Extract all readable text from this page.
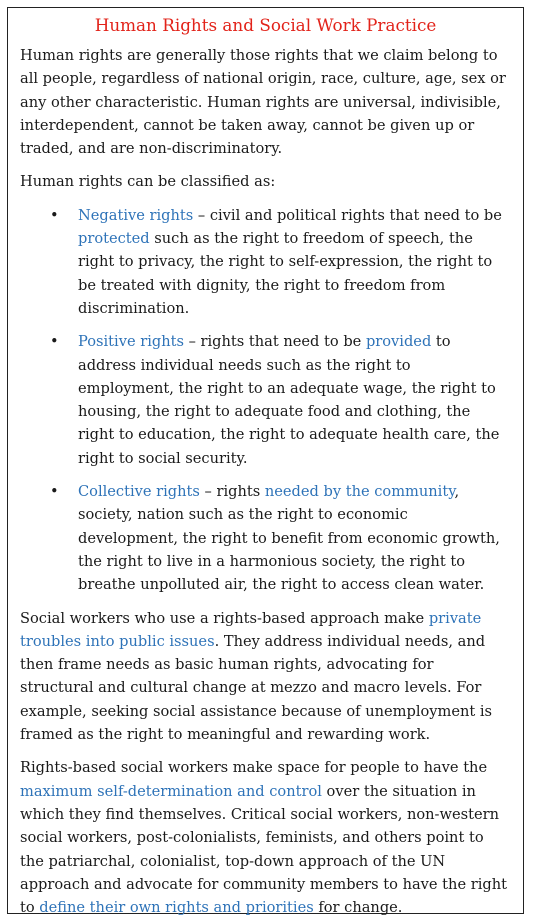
Human Rights and Social Work Practice

Human rights are generally those rights that we claim belong to all people, regardless of national origin, race, culture, age, sex or any other characteristic. Human rights are universal, indivisible, interdependent, cannot be taken away, cannot be given up or traded, and are non-discriminatory.

Human rights can be classified as:

• Negative rights – civil and political rights that need to be protected such as the right to freedom of speech, the right to privacy, the right to self-expression, the right to be treated with dignity, the right to freedom from discrimination.
• Positive rights – rights that need to be provided to address individual needs such as the right to employment, the right to an adequate wage, the right to housing, the right to adequate food and clothing, the right to education, the right to adequate health care, the right to social security.
• Collective rights – rights needed by the community, society, nation such as the right to economic development, the right to benefit from economic growth, the right to live in a harmonious society, the right to breathe unpolluted air, the right to access clean water.

Social workers who use a rights-based approach make private troubles into public issues. They address individual needs, and then frame needs as basic human rights, advocating for structural and cultural change at mezzo and macro levels. For example, seeking social assistance because of unemployment is framed as the right to meaningful and rewarding work.

Rights-based social workers make space for people to have the maximum self-determination and control over the situation in which they find themselves. Critical social workers, non-western social workers, post-colonialists, feminists, and others point to the patriarchal, colonialist, top-down approach of the UN approach and advocate for community members to have the right to define their own rights and priorities for change.
